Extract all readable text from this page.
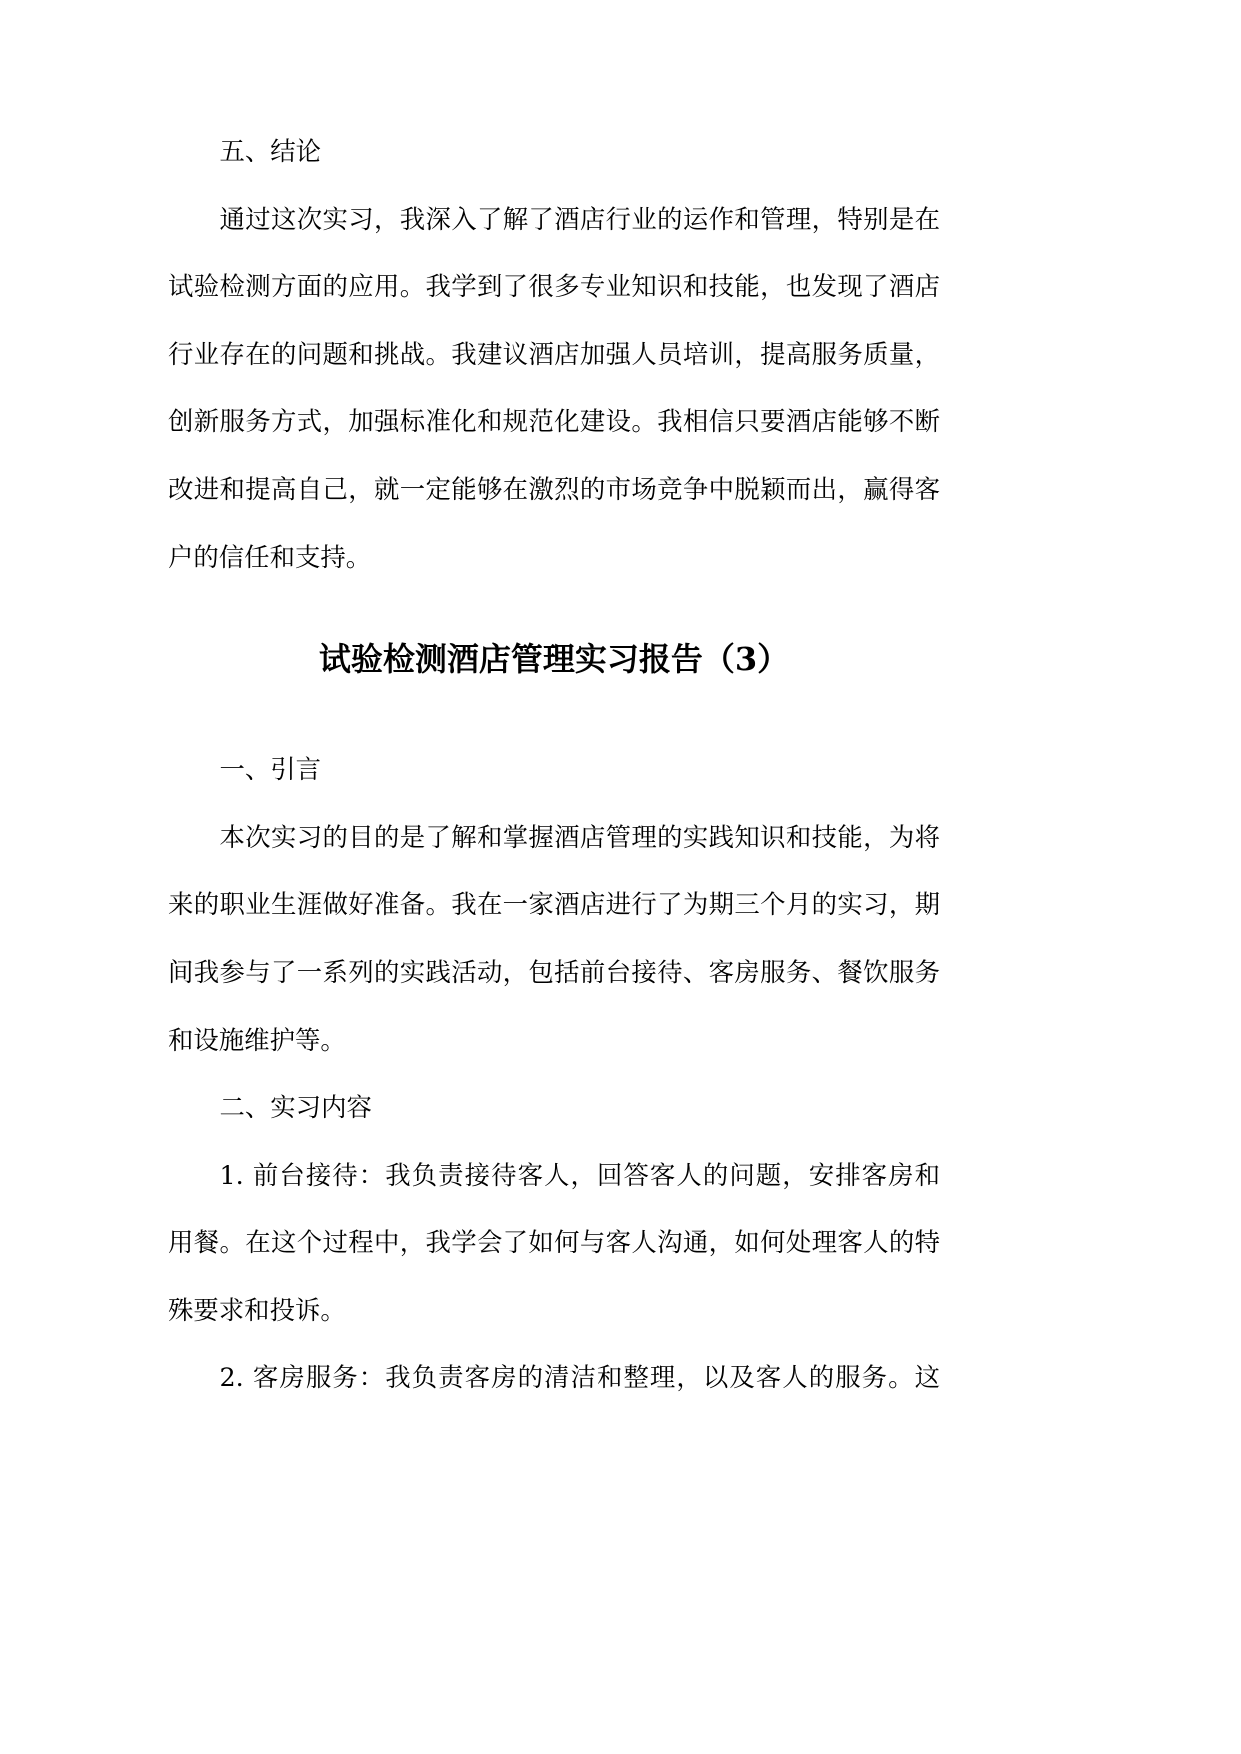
五、结论
通过这次实习，我深入了解了酒店行业的运作和管理，特别是在
试验检测方面的应用。我学到了很多专业知识和技能，也发现了酒店
行业存在的问题和挑战。我建议酒店加强人员培训，提高服务质量，
创新服务方式，加强标准化和规范化建设。我相信只要酒店能够不断
改进和提高自己，就一定能够在激烈的市场竞争中脱颖而出，赢得客
户的信任和支持。
试验检测酒店管理实习报告（3）
一、引言
本次实习的目的是了解和掌握酒店管理的实践知识和技能，为将
来的职业生涯做好准备。我在一家酒店进行了为期三个月的实习，期
间我参与了一系列的实践活动，包括前台接待、客房服务、餐饮服务
和设施维护等。
二、实习内容
1. 前台接待：我负责接待客人，回答客人的问题，安排客房和
用餐。在这个过程中，我学会了如何与客人沟通，如何处理客人的特
殊要求和投诉。
2. 客房服务：我负责客房的清洁和整理，以及客人的服务。这
